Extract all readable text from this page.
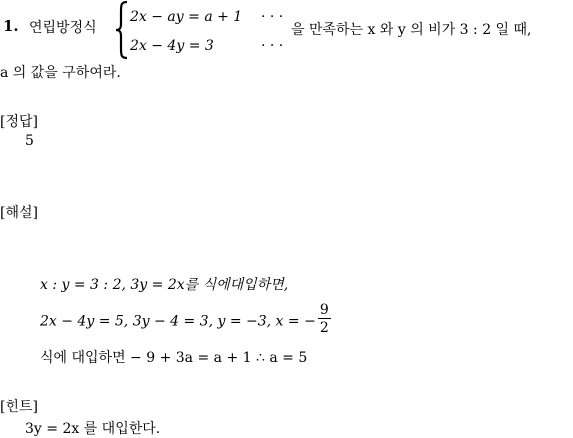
1. 연립방정식
2x − ay = a + 1 · · ·
2x − 4y = 3	· · ·
을 만족하는 x 와 y 의 비가 3 : 2 일 때,
a 의 값을 구하여라.
[정답]
5
[해설]
x : y = 3 : 2, 3y = 2x를 식에대입하면,
2x − 4y = 5, 3y − 4 = 3, y = −3, x = − $\frac{9}{2}$
식에 대입하면 − 9 + 3a = a + 1 ∴ a = 5
[힌트]
3y = 2x 를 대입한다.
